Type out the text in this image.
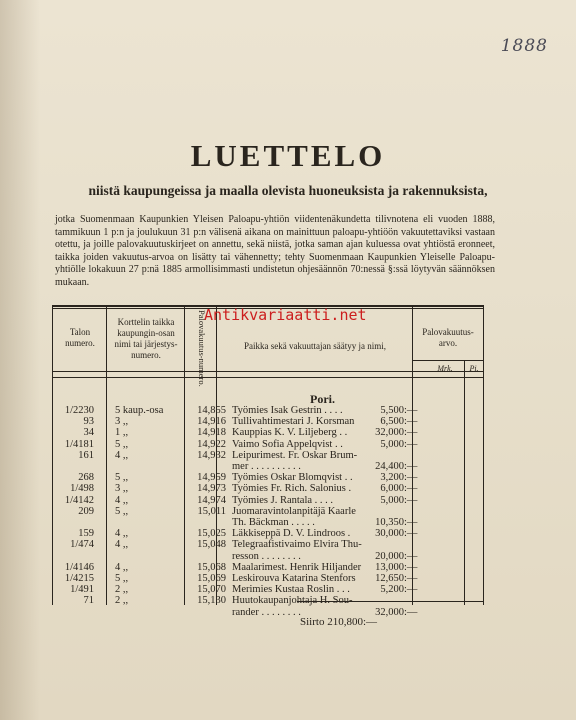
1888
LUETTELO
niistä kaupungeissa ja maalla olevista huoneuksista ja rakennuksista,
jotka Suomenmaan Kaupunkien Yleisen Paloapu-yhtiön viidentenäkundetta tilivnotena eli vuoden 1888, tammikuun 1 p:n ja joulukuun 31 p:n välisenä aikana on mainittuun paloapu-yhtiöön vakuutettaviksi vastaan otettu, ja joille palovakuutuskirjeet on annettu, sekä niistä, jotka saman ajan kuluessa ovat yhtiöstä eronneet, taikka joiden vakuutus-arvoa on lisätty tai vähennetty; tehty Suomenmaan Kaupunkien Yleiselle Paloapu-yhtiölle lokakuun 27 p:nä 1885 armollisimmasti undistetun ohjesäännön 70:nessä §:ssä löytyvän säännöksen mukaan.
Talon numero.
Korttelin taikka kaupungin-osan nimi tai järjestys-numero.	Palovakuutus-numero.	Paikka sekä vakuuttajan säätyy ja nimi,
Palovakuutus-arvo.
Mrk.	Pi.
Antikvariaatti.net
Pori.
1/2230 5 kaup.-osa	14,855 Työmies Isak Gestrin . . . .	5,500 :—
93 3 ,,	14,916 Tullivahtimestari J. Korsman	6,500 :—
34 1 ,,	14,918 Kauppias K. V. Liljeberg . .	32,000 :—
1/4181 5 ,,	14,922 Vaimo Sofia Appelqvist . .	5,000 :—
161 4 ,,	14,932 Leipurimest. Fr. Oskar Brum-
mer . . . . . . . . . .	24,400 :—
268 5 ,,	14,959 Työmies Oskar Blomqvist . .	3,200 :—
1/498 3 ,,	14,973 Työmies Fr. Rich. Salonius .	6,000 :—
1/4142 4 ,,	14,974 Työmies J. Rantala . . . .	5,000 :—
209 5 ,,	15,011 Juomaravintolanpitäjä Kaarle
Th. Bäckman . . . . .	10,350 :—
159 4 ,,	15,025 Läkkiseppä D. V. Lindroos .	30,000 :—
1/474 4 ,,	15,048 Telegraafistivaimo Elvira Thu-
resson . . . . . . . .	20,000 :—
1/4146 4 ,,	15,068 Maalarimest. Henrik Hiljander	13,000 :—
1/4215 5 ,,	15,069 Leskirouva Katarina Stenfors	12,650 :—
1/491 2 ,,	15,070 Merimies Kustaa Roslin . . .	5,200 :—
71 2 ,,	15,130 Huutokaupanjohtaja H. Sou-
rander . . . . . . . .	32,000 :—
Siirto 210,800:—
